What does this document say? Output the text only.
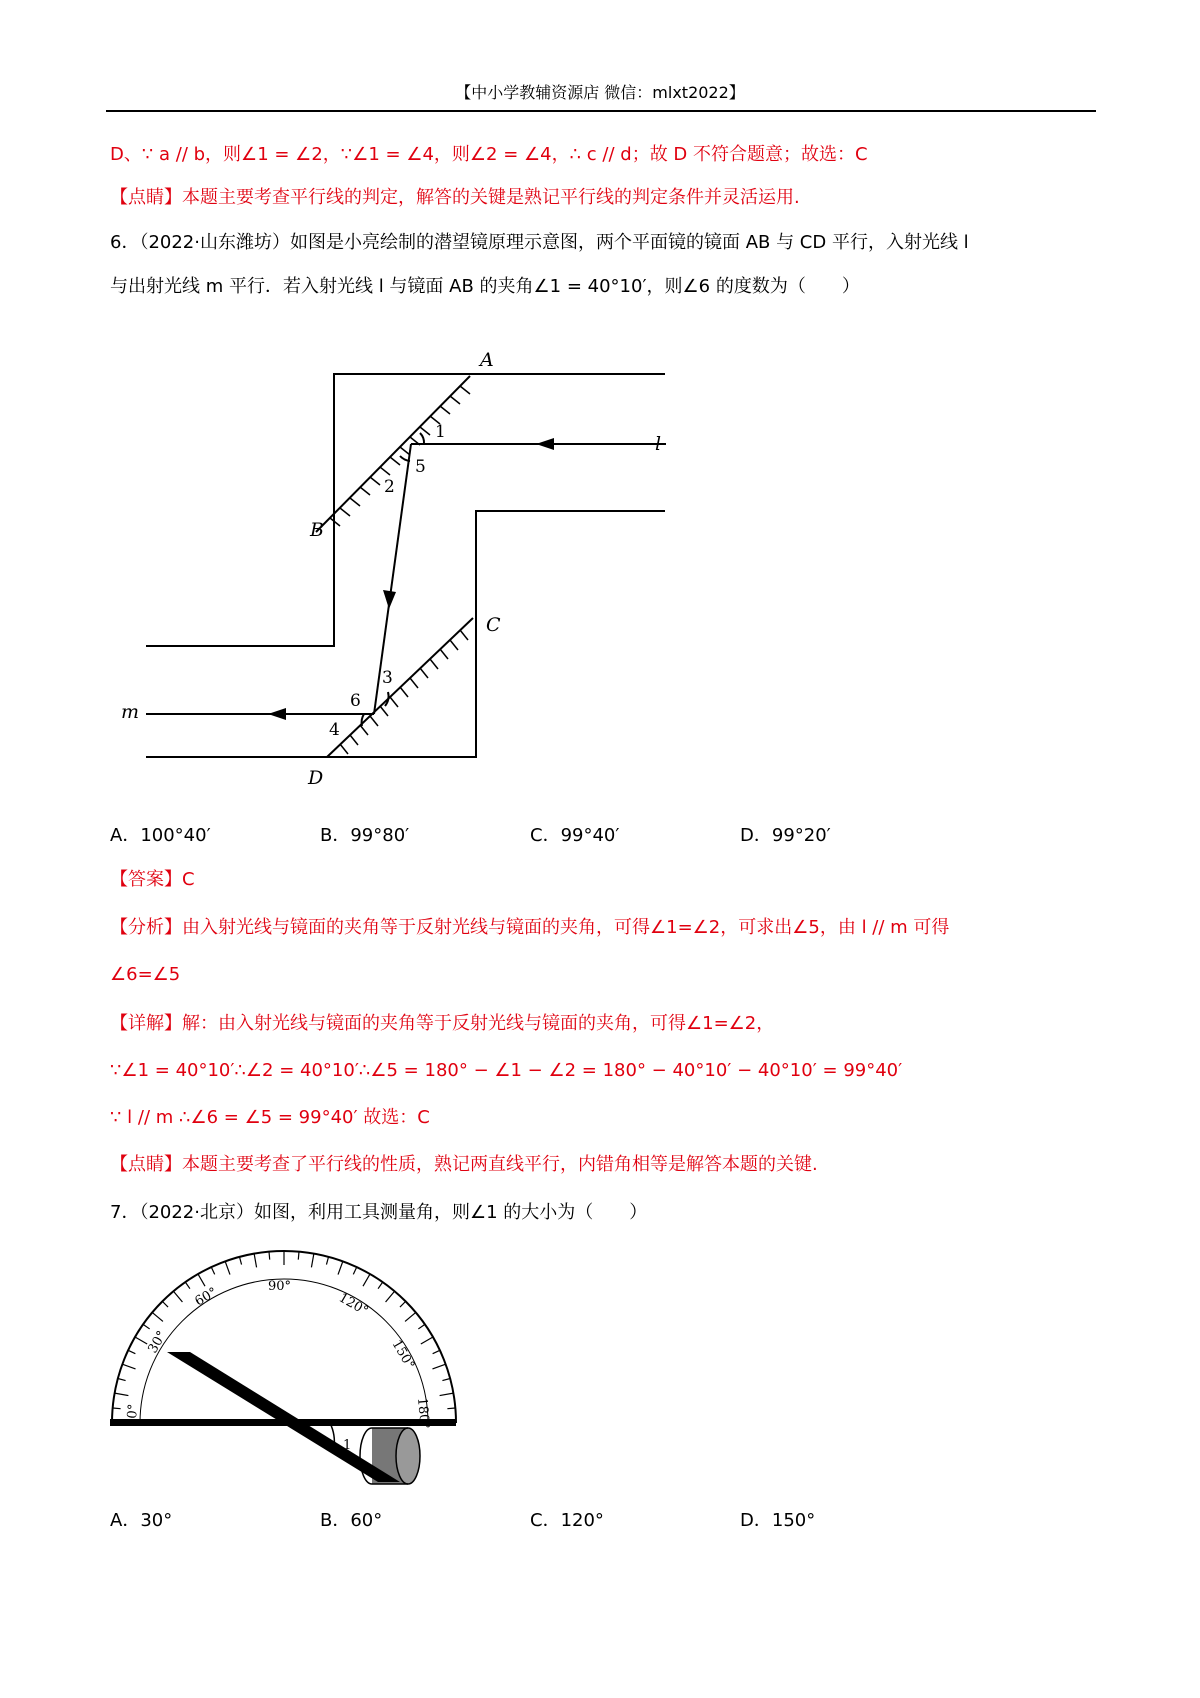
【中小学教辅资源店 微信：mlxt2022】
D、∵ a // b，则∠1 = ∠2，∵∠1 = ∠4，则∠2 = ∠4，∴ c // d；故 D 不符合题意；故选：C
【点睛】本题主要考查平行线的判定，解答的关键是熟记平行线的判定条件并灵活运用.
6．（2022·山东潍坊）如图是小亮绘制的潜望镜原理示意图，两个平面镜的镜面 AB 与 CD 平行，入射光线 l
与出射光线 m 平行．若入射光线 l 与镜面 AB 的夹角∠1 = 40°10′，则∠6 的度数为（　　）
A
B
C
D
l
m
1
2
3
4
5
6
A．100°40′	B．99°80′	C．99°40′	D．99°20′
【答案】C
【分析】由入射光线与镜面的夹角等于反射光线与镜面的夹角，可得∠1=∠2，可求出∠5，由 l // m 可得
∠6=∠5
【详解】解：由入射光线与镜面的夹角等于反射光线与镜面的夹角，可得∠1=∠2，
∵∠1 = 40°10′∴∠2 = 40°10′∴∠5 = 180° − ∠1 − ∠2 = 180° − 40°10′ − 40°10′ = 99°40′
∵ l // m ∴∠6 = ∠5 = 99°40′ 故选：C
【点睛】本题主要考查了平行线的性质，熟记两直线平行，内错角相等是解答本题的关键.
7．（2022·北京）如图，利用工具测量角，则∠1 的大小为（　　）
1
0°
30°
60°	90°
120°
150°
180°
A．30°	B．60°	C．120°	D．150°
